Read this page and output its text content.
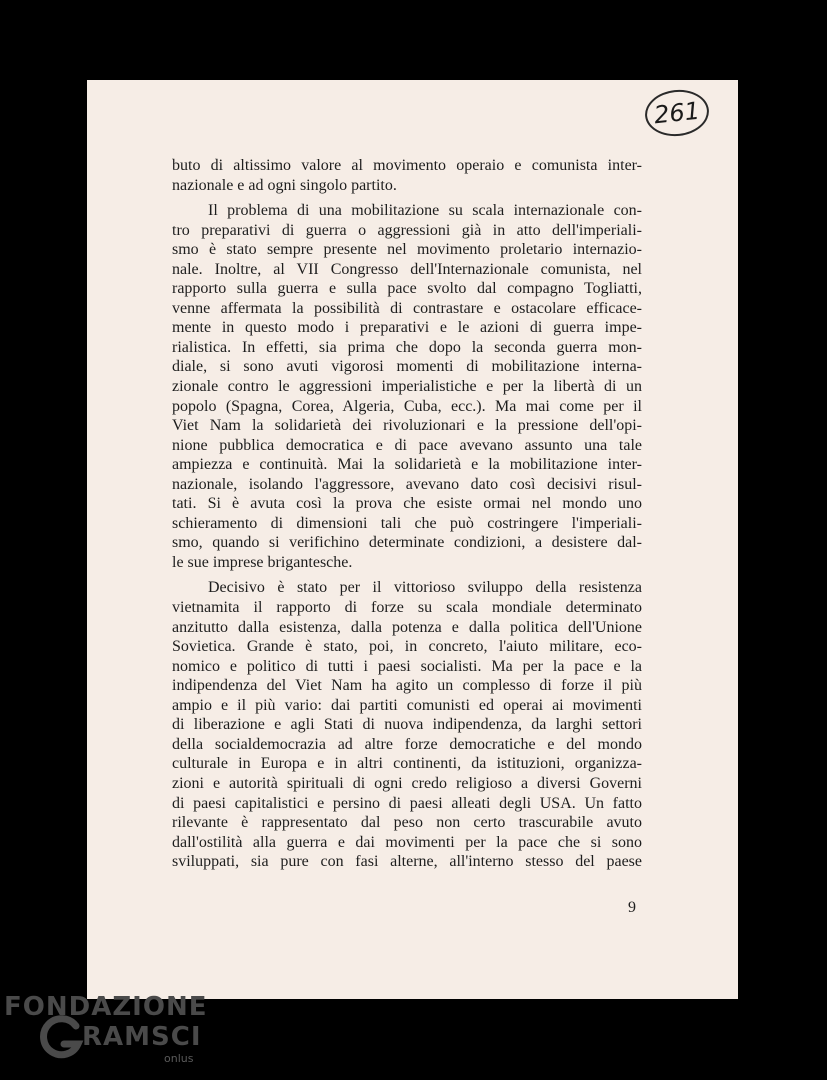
261
buto di altissimo valore al movimento operaio e comunista inter-
nazionale e ad ogni singolo partito.
Il problema di una mobilitazione su scala internazionale con-
tro preparativi di guerra o aggressioni già in atto dell'imperiali-
smo è stato sempre presente nel movimento proletario internazio-
nale. Inoltre, al VII Congresso dell'Internazionale comunista, nel
rapporto sulla guerra e sulla pace svolto dal compagno Togliatti,
venne affermata la possibilità di contrastare e ostacolare efficace-
mente in questo modo i preparativi e le azioni di guerra impe-
rialistica. In effetti, sia prima che dopo la seconda guerra mon-
diale, si sono avuti vigorosi momenti di mobilitazione interna-
zionale contro le aggressioni imperialistiche e per la libertà di un
popolo (Spagna, Corea, Algeria, Cuba, ecc.). Ma mai come per il
Viet Nam la solidarietà dei rivoluzionari e la pressione dell'opi-
nione pubblica democratica e di pace avevano assunto una tale
ampiezza e continuità. Mai la solidarietà e la mobilitazione inter-
nazionale, isolando l'aggressore, avevano dato così decisivi risul-
tati. Si è avuta così la prova che esiste ormai nel mondo uno
schieramento di dimensioni tali che può costringere l'imperiali-
smo, quando si verifichino determinate condizioni, a desistere dal-
le sue imprese brigantesche.
Decisivo è stato per il vittorioso sviluppo della resistenza
vietnamita il rapporto di forze su scala mondiale determinato
anzitutto dalla esistenza, dalla potenza e dalla politica dell'Unione
Sovietica. Grande è stato, poi, in concreto, l'aiuto militare, eco-
nomico e politico di tutti i paesi socialisti. Ma per la pace e la
indipendenza del Viet Nam ha agito un complesso di forze il più
ampio e il più vario: dai partiti comunisti ed operai ai movimenti
di liberazione e agli Stati di nuova indipendenza, da larghi settori
della socialdemocrazia ad altre forze democratiche e del mondo
culturale in Europa e in altri continenti, da istituzioni, organizza-
zioni e autorità spirituali di ogni credo religioso a diversi Governi
di paesi capitalistici e persino di paesi alleati degli USA. Un fatto
rilevante è rappresentato dal peso non certo trascurabile avuto
dall'ostilità alla guerra e dai movimenti per la pace che si sono
sviluppati, sia pure con fasi alterne, all'interno stesso del paese
9
FONDAZIONE
RAMSCI
onlus
